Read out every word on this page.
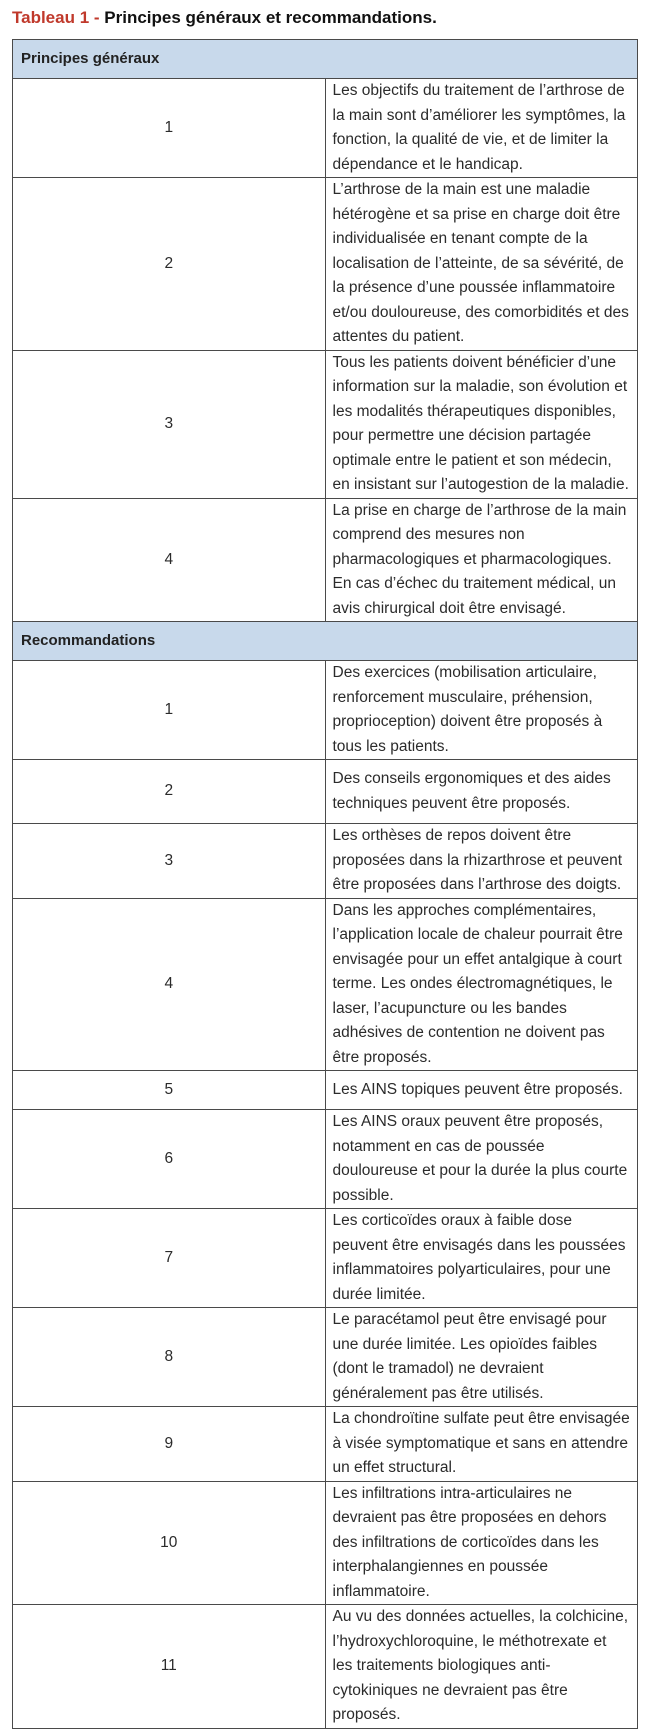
Tableau 1 - Principes généraux et recommandations.
Principes généraux	
1	Les objectifs du traitement de l’arthrose de la main sont d’améliorer les symptômes, la fonction, la qualité de vie, et de limiter la dépendance et le handicap.
2	L’arthrose de la main est une maladie hétérogène et sa prise en charge doit être individualisée en tenant compte de la localisation de l’atteinte, de sa sévérité, de la présence d’une poussée inflammatoire et/ou douloureuse, des comorbidités et des attentes du patient.
3	Tous les patients doivent bénéficier d’une information sur la maladie, son évolution et les modalités thérapeutiques disponibles, pour permettre une décision partagée optimale entre le patient et son médecin, en insistant sur l’autogestion de la maladie.
4	La prise en charge de l’arthrose de la main comprend des mesures non pharmacologiques et pharmacologiques. En cas d’échec du traitement médical, un avis chirurgical doit être envisagé.
Recommandations	
1	Des exercices (mobilisation articulaire, renforcement musculaire, préhension, proprioception) doivent être proposés à tous les patients.
2	Des conseils ergonomiques et des aides techniques peuvent être proposés.
3	Les orthèses de repos doivent être proposées dans la rhizarthrose et peuvent être proposées dans l’arthrose des doigts.
4	Dans les approches complémentaires, l’application locale de chaleur pourrait être envisagée pour un effet antalgique à court terme. Les ondes électromagnétiques, le laser, l’acupuncture ou les bandes adhésives de contention ne doivent pas être proposés.
5	Les AINS topiques peuvent être proposés.
6	Les AINS oraux peuvent être proposés, notamment en cas de poussée douloureuse et pour la durée la plus courte possible.
7	Les corticoïdes oraux à faible dose peuvent être envisagés dans les poussées inflammatoires polyarticulaires, pour une durée limitée.
8	Le paracétamol peut être envisagé pour une durée limitée. Les opioïdes faibles (dont le tramadol) ne devraient généralement pas être utilisés.
9	La chondroïtine sulfate peut être envisagée à visée symptomatique et sans en attendre un effet structural.
10	Les infiltrations intra-articulaires ne devraient pas être proposées en dehors des infiltrations de corticoïdes dans les interphalangiennes en poussée inflammatoire.
11	Au vu des données actuelles, la colchicine, l’hydroxychloroquine, le méthotrexate et les traitements biologiques anti-cytokiniques ne devraient pas être proposés.
